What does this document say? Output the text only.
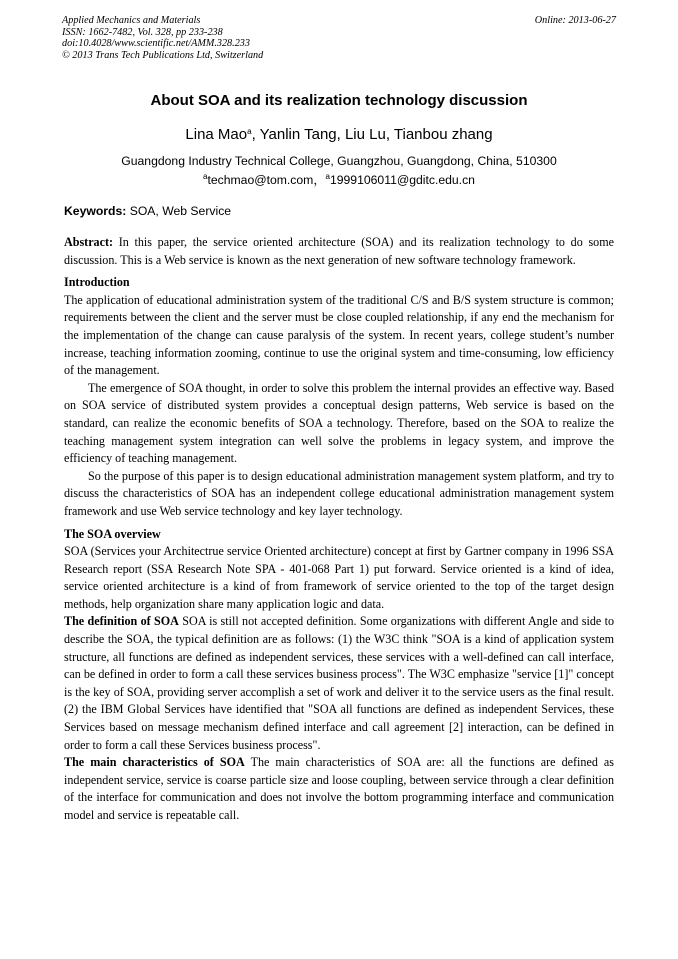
Applied Mechanics and Materials
ISSN: 1662-7482, Vol. 328, pp 233-238
doi:10.4028/www.scientific.net/AMM.328.233
© 2013 Trans Tech Publications Ltd, Switzerland
Online: 2013-06-27
About SOA and its realization technology discussion
Lina Mao$^a$, Yanlin Tang, Liu Lu, Tianbou zhang
Guangdong Industry Technical College, Guangzhou, Guangdong, China, 510300
$^a$techmao@tom.com，$^a$1999106011@gditc.edu.cn
Keywords: SOA, Web Service

Abstract: In this paper, the service oriented architecture (SOA) and its realization technology to do some discussion. This is a Web service is known as the next generation of new software technology framework.

Introduction

The application of educational administration system of the traditional C/S and B/S system structure is common; requirements between the client and the server must be close coupled relationship, if any end the mechanism for the implementation of the change can cause paralysis of the system. In recent years, college student’s number increase, teaching information zooming, continue to use the original system and time-consuming, low efficiency of the management.

The emergence of SOA thought, in order to solve this problem the internal provides an effective way. Based on SOA service of distributed system provides a conceptual design patterns, Web service is based on the standard, can realize the economic benefits of SOA a technology. Therefore, based on the SOA to realize the teaching management system integration can well solve the problems in legacy system, and improve the efficiency of teaching management.

So the purpose of this paper is to design educational administration management system platform, and try to discuss the characteristics of SOA has an independent college educational administration management system framework and use Web service technology and key layer technology.

The SOA overview

SOA (Services your Architectrue service Oriented architecture) concept at first by Gartner company in 1996 SSA Research report (SSA Research Note SPA - 401-068 Part 1) put forward. Service oriented is a kind of idea, service oriented architecture is a kind of from framework of service oriented to the top of the target design methods, help organization share many application logic and data.

The definition of SOA SOA is still not accepted definition. Some organizations with different Angle and side to describe the SOA, the typical definition are as follows: (1) the W3C think "SOA is a kind of application system structure, all functions are defined as independent services, these services with a well-defined can call interface, can be defined in order to form a call these services business process". The W3C emphasize "service [1]" concept is the key of SOA, providing server accomplish a set of work and deliver it to the service users as the final result. (2) the IBM Global Services have identified that "SOA all functions are defined as independent Services, these Services based on message mechanism defined interface and call agreement [2] interaction, can be defined in order to form a call these Services business process".

The main characteristics of SOA The main characteristics of SOA are: all the functions are defined as independent service, service is coarse particle size and loose coupling, between service through a clear definition of the interface for communication and does not involve the bottom programming interface and communication model and service is repeatable call.
